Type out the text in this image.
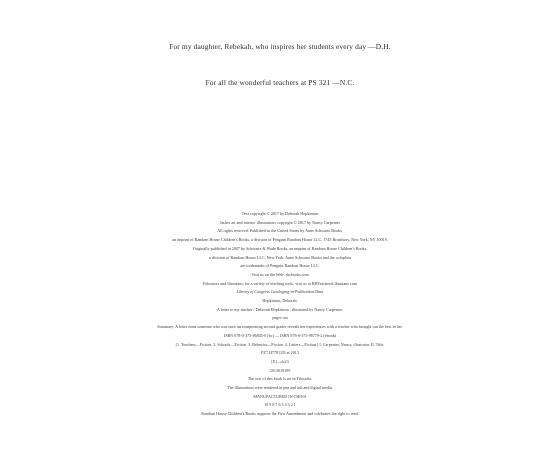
For my daughter, Rebekah, who inspires her students every day —D.H.
For all the wonderful teachers at PS 321 —N.C.
Text copyright © 2017 by Deborah Hopkinson
Jacket art and interior illustrations copyright © 2017 by Nancy Carpenter
All rights reserved. Published in the United States by Anne Schwartz Books,
an imprint of Random House Children's Books, a division of Penguin Random House LLC, 1745 Broadway, New York, NY 10019.
Originally published in 2007 by Schwartz & Wade Books, an imprint of Random House Children's Books,
a division of Random House LLC, New York. Anne Schwartz Books and the colophon
are trademarks of Penguin Random House LLC.
Visit us on the Web! rhcbooks.com
Educators and librarians, for a variety of teaching tools, visit us at RHTeachersLibrarians.com
Library of Congress Cataloging-in-Publication Data
Hopkinson, Deborah.
A letter to my teacher / Deborah Hopkinson ; illustrated by Nancy Carpenter.
pages cm
Summary: A letter from someone who was once an exasperating second grader reveals her experiences with a teacher who brought out the best in her.
ISBN 978-0-375-86845-0 (hc) — ISBN 978-0-375-98770-2 (ebook)
[1. Teachers—Fiction. 2. Schools—Fiction. 3. Behavior—Fiction. 4. Letters—Fiction.] I. Carpenter, Nancy, illustrator. II. Title.
PZ7.H778125Let 2013
[E]—dc23
2013018199
The text of this book is set in Filosofia.
The illustrations were rendered in pen and ink and digital media.
MANUFACTURED IN CHINA
10 9 8 7 6 5 4 3 2 1
Random House Children's Books supports the First Amendment and celebrates the right to read.
